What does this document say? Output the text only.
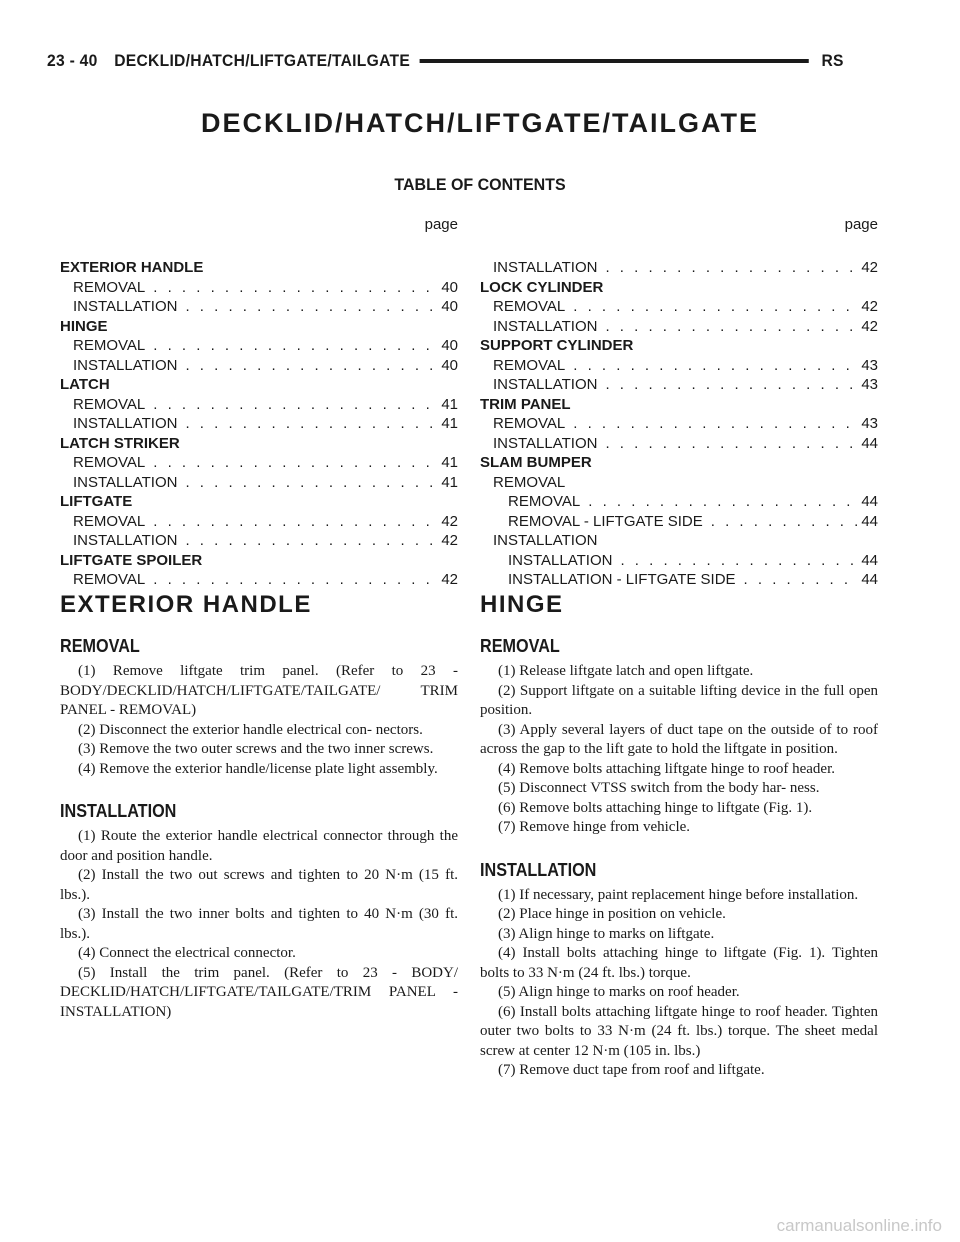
23 - 40 DECKLID/HATCH/LIFTGATE/TAILGATE	RS
DECKLID/HATCH/LIFTGATE/TAILGATE
TABLE OF CONTENTS
page
EXTERIOR HANDLE
REMOVAL . . .	40
INSTALLATION . . .	40
HINGE
REMOVAL . . .	40
INSTALLATION . . .	40
LATCH
REMOVAL . . .	41
INSTALLATION . . .	41
LATCH STRIKER
REMOVAL . . .	41
INSTALLATION . . .	41
LIFTGATE
REMOVAL . . .	42
INSTALLATION . . .	42
LIFTGATE SPOILER
REMOVAL . . .	42
page
INSTALLATION . . .	42
LOCK CYLINDER
REMOVAL . . .	42
INSTALLATION . . .	42
SUPPORT CYLINDER
REMOVAL . . .	43
INSTALLATION . . .	43
TRIM PANEL
REMOVAL . . .	43
INSTALLATION . . .	44
SLAM BUMPER
REMOVAL
REMOVAL . . .	44
REMOVAL - LIFTGATE SIDE . . .	44
INSTALLATION
INSTALLATION . . .	44
INSTALLATION - LIFTGATE SIDE . . .	44
EXTERIOR HANDLE
REMOVAL

(1) Remove liftgate trim panel. (Refer to 23 - BODY/DECKLID/HATCH/LIFTGATE/TAILGATE/ TRIM PANEL - REMOVAL)

(2) Disconnect the exterior handle electrical con- nectors.

(3) Remove the two outer screws and the two inner screws.

(4) Remove the exterior handle/license plate light assembly.

INSTALLATION

(1) Route the exterior handle electrical connector through the door and position handle.

(2) Install the two out screws and tighten to 20 N·m (15 ft. lbs.).

(3) Install the two inner bolts and tighten to 40 N·m (30 ft. lbs.).

(4) Connect the electrical connector.

(5) Install the trim panel. (Refer to 23 - BODY/ DECKLID/HATCH/LIFTGATE/TAILGATE/TRIM PANEL - INSTALLATION)

HINGE
REMOVAL

(1) Release liftgate latch and open liftgate.

(2) Support liftgate on a suitable lifting device in the full open position.

(3) Apply several layers of duct tape on the outside of to roof across the gap to the lift gate to hold the liftgate in position.

(4) Remove bolts attaching liftgate hinge to roof header.

(5) Disconnect VTSS switch from the body har- ness.

(6) Remove bolts attaching hinge to liftgate (Fig. 1).

(7) Remove hinge from vehicle.

INSTALLATION

(1) If necessary, paint replacement hinge before installation.

(2) Place hinge in position on vehicle.

(3) Align hinge to marks on liftgate.

(4) Install bolts attaching hinge to liftgate (Fig. 1). Tighten bolts to 33 N·m (24 ft. lbs.) torque.

(5) Align hinge to marks on roof header.

(6) Install bolts attaching liftgate hinge to roof header. Tighten outer two bolts to 33 N·m (24 ft. lbs.) torque. The sheet medal screw at center 12 N·m (105 in. lbs.)

(7) Remove duct tape from roof and liftgate.

carmanualsonline.info
